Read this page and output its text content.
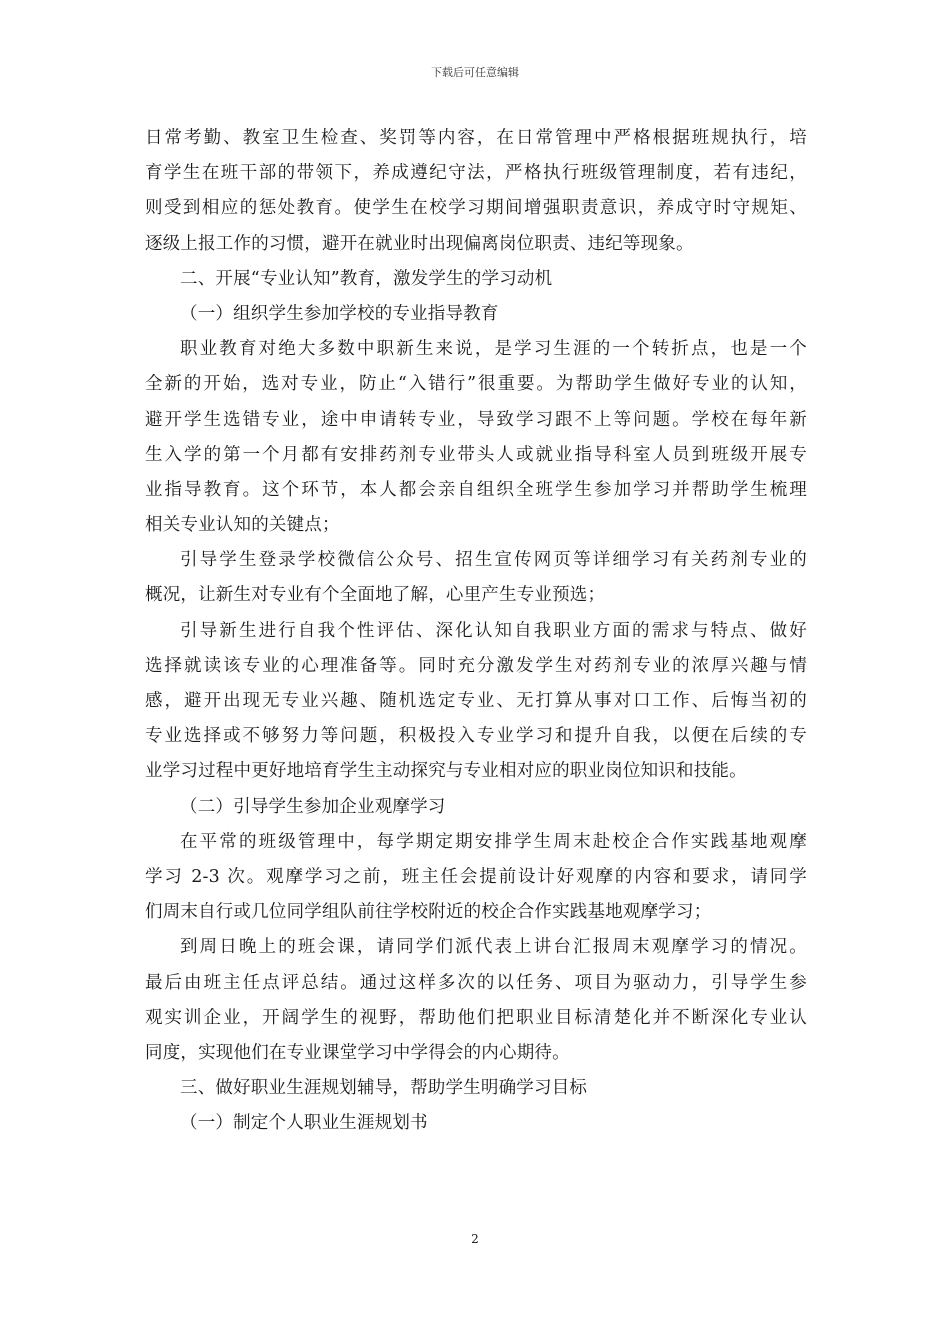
下载后可任意编辑
日常考勤、教室卫生检查、奖罚等内容，在日常管理中严格根据班规执行，培
育学生在班干部的带领下，养成遵纪守法，严格执行班级管理制度，若有违纪，
则受到相应的惩处教育。使学生在校学习期间增强职责意识，养成守时守规矩、
逐级上报工作的习惯，避开在就业时出现偏离岗位职责、违纪等现象。
二、开展“专业认知”教育，激发学生的学习动机
（一）组织学生参加学校的专业指导教育
职业教育对绝大多数中职新生来说，是学习生涯的一个转折点，也是一个
全新的开始，选对专业，防止“入错行”很重要。为帮助学生做好专业的认知，
避开学生选错专业，途中申请转专业，导致学习跟不上等问题。学校在每年新
生入学的第一个月都有安排药剂专业带头人或就业指导科室人员到班级开展专
业指导教育。这个环节，本人都会亲自组织全班学生参加学习并帮助学生梳理
相关专业认知的关键点；
引导学生登录学校微信公众号、招生宣传网页等详细学习有关药剂专业的
概况，让新生对专业有个全面地了解，心里产生专业预选；
引导新生进行自我个性评估、深化认知自我职业方面的需求与特点、做好
选择就读该专业的心理准备等。同时充分激发学生对药剂专业的浓厚兴趣与情
感，避开出现无专业兴趣、随机选定专业、无打算从事对口工作、后悔当初的
专业选择或不够努力等问题，积极投入专业学习和提升自我，以便在后续的专
业学习过程中更好地培育学生主动探究与专业相对应的职业岗位知识和技能。
（二）引导学生参加企业观摩学习
在平常的班级管理中，每学期定期安排学生周末赴校企合作实践基地观摩
学习 2-3 次。观摩学习之前，班主任会提前设计好观摩的内容和要求，请同学
们周末自行或几位同学组队前往学校附近的校企合作实践基地观摩学习；
到周日晚上的班会课，请同学们派代表上讲台汇报周末观摩学习的情况。
最后由班主任点评总结。通过这样多次的以任务、项目为驱动力，引导学生参
观实训企业，开阔学生的视野，帮助他们把职业目标清楚化并不断深化专业认
同度，实现他们在专业课堂学习中学得会的内心期待。
三、做好职业生涯规划辅导，帮助学生明确学习目标
（一）制定个人职业生涯规划书
2
